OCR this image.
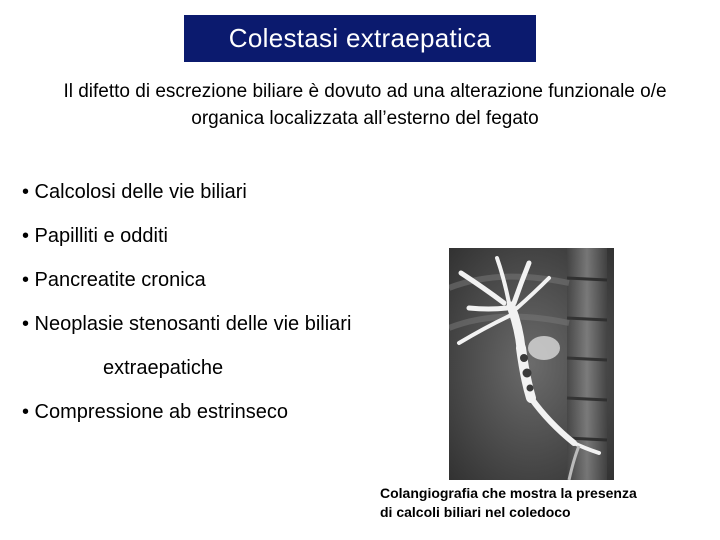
Colestasi extraepatica
Il difetto di escrezione biliare è dovuto ad una alterazione funzionale o/e organica localizzata all’esterno del fegato
• Calcolosi delle vie biliari
• Papilliti e odditi
• Pancreatite cronica
• Neoplasie stenosanti delle vie biliari
extraepatiche
• Compressione ab estrinseco
Colangiografia che mostra la presenza
di calcoli biliari nel coledoco
